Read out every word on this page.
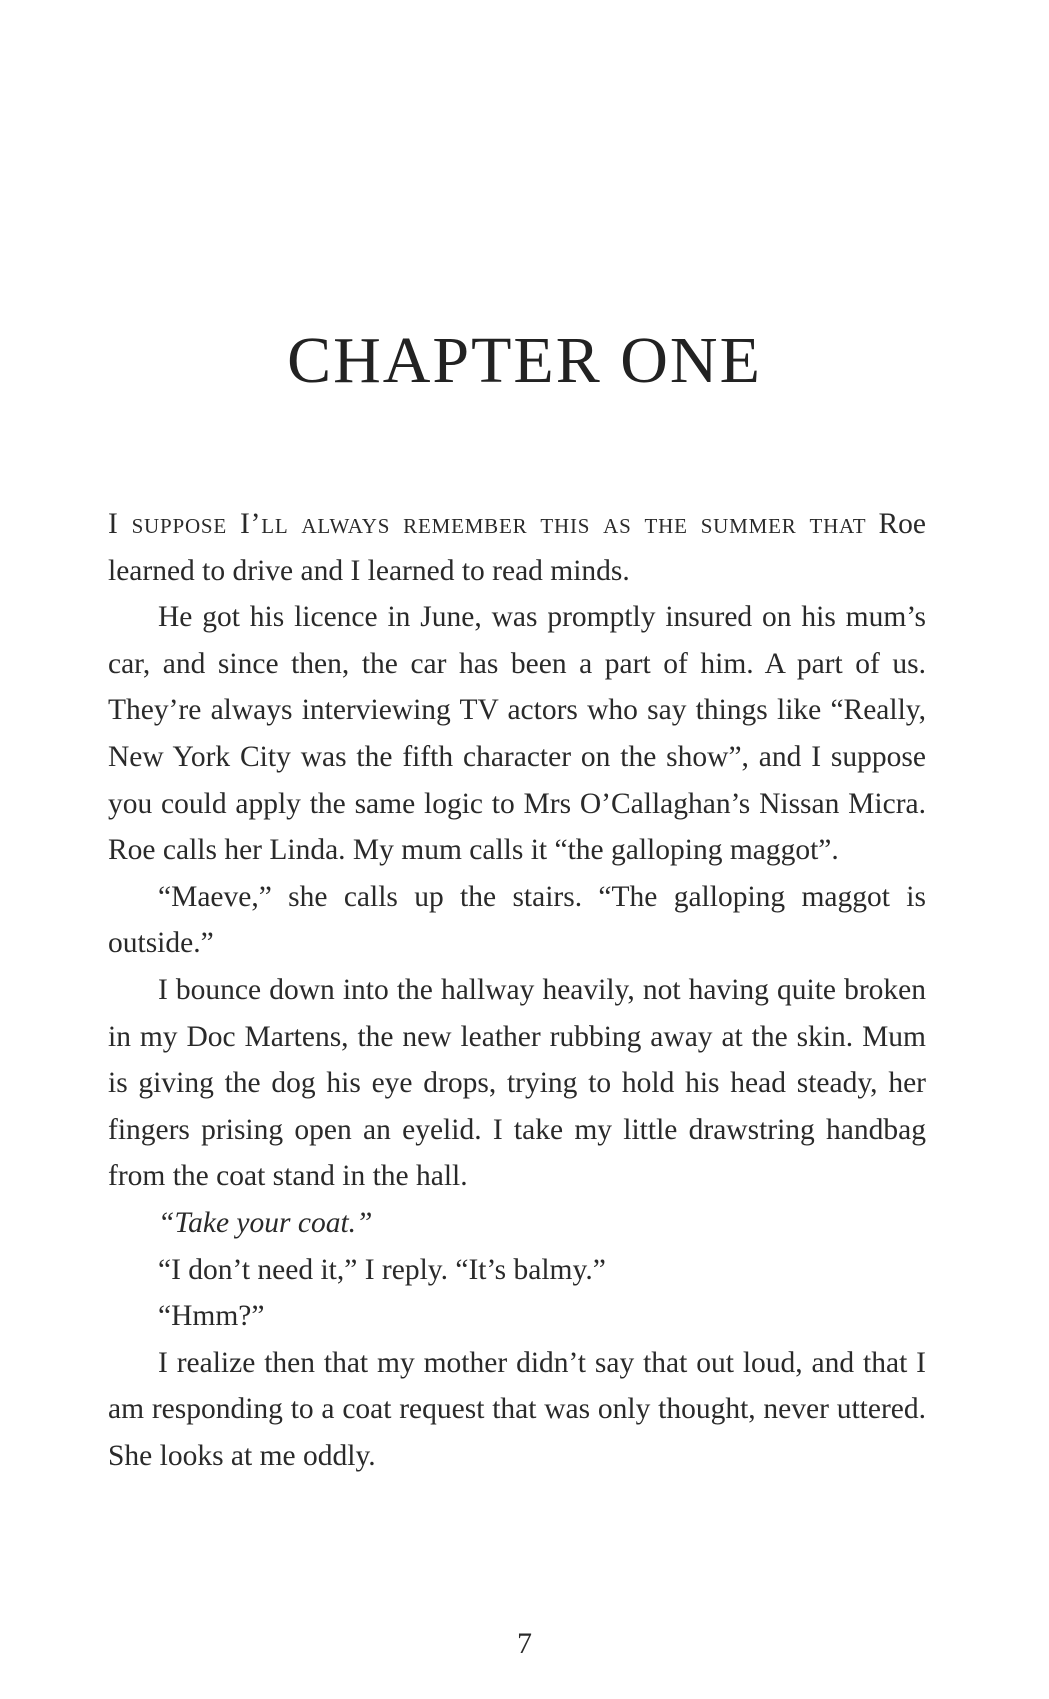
CHAPTER ONE

I suppose I’ll always remember this as the summer that Roe learned to drive and I learned to read minds.

He got his licence in June, was promptly insured on his mum’s car, and since then, the car has been a part of him. A part of us. They’re always interviewing TV actors who say things like “Really, New York City was the fifth character on the show”, and I suppose you could apply the same logic to Mrs O’Callaghan’s Nissan Micra. Roe calls her Linda. My mum calls it “the galloping maggot”.

“Maeve,” she calls up the stairs. “The galloping maggot is outside.”

I bounce down into the hallway heavily, not having quite broken in my Doc Martens, the new leather rubbing away at the skin. Mum is giving the dog his eye drops, trying to hold his head steady, her fingers prising open an eyelid. I take my little drawstring handbag from the coat stand in the hall.

“Take your coat.”

“I don’t need it,” I reply. “It’s balmy.”

“Hmm?”

I realize then that my mother didn’t say that out loud, and that I am responding to a coat request that was only thought, never uttered. She looks at me oddly.

7
